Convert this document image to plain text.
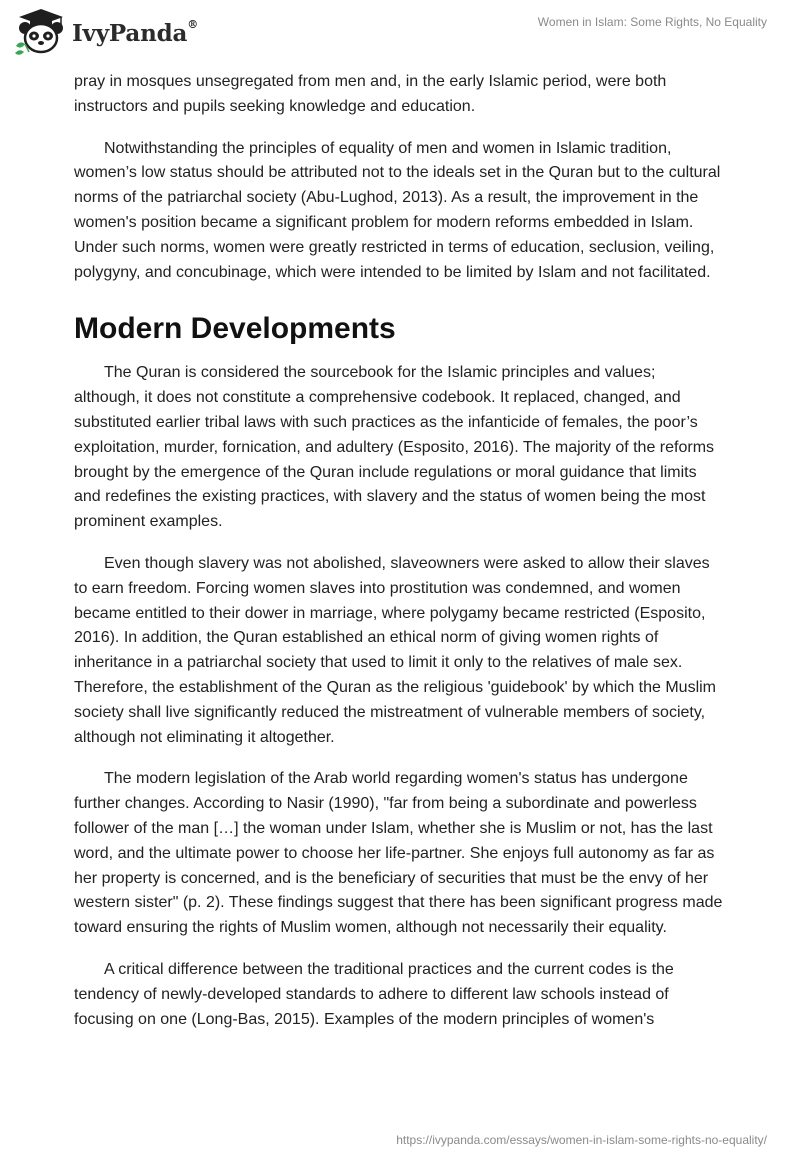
IvyPanda®	Women in Islam: Some Rights, No Equality

pray in mosques unsegregated from men and, in the early Islamic period, were both instructors and pupils seeking knowledge and education.

Notwithstanding the principles of equality of men and women in Islamic tradition, women’s low status should be attributed not to the ideals set in the Quran but to the cultural norms of the patriarchal society (Abu-Lughod, 2013). As a result, the improvement in the women's position became a significant problem for modern reforms embedded in Islam. Under such norms, women were greatly restricted in terms of education, seclusion, veiling, polygyny, and concubinage, which were intended to be limited by Islam and not facilitated.

Modern Developments

The Quran is considered the sourcebook for the Islamic principles and values; although, it does not constitute a comprehensive codebook. It replaced, changed, and substituted earlier tribal laws with such practices as the infanticide of females, the poor’s exploitation, murder, fornication, and adultery (Esposito, 2016). The majority of the reforms brought by the emergence of the Quran include regulations or moral guidance that limits and redefines the existing practices, with slavery and the status of women being the most prominent examples.

Even though slavery was not abolished, slaveowners were asked to allow their slaves to earn freedom. Forcing women slaves into prostitution was condemned, and women became entitled to their dower in marriage, where polygamy became restricted (Esposito, 2016). In addition, the Quran established an ethical norm of giving women rights of inheritance in a patriarchal society that used to limit it only to the relatives of male sex. Therefore, the establishment of the Quran as the religious 'guidebook' by which the Muslim society shall live significantly reduced the mistreatment of vulnerable members of society, although not eliminating it altogether.

The modern legislation of the Arab world regarding women's status has undergone further changes. According to Nasir (1990), "far from being a subordinate and powerless follower of the man […] the woman under Islam, whether she is Muslim or not, has the last word, and the ultimate power to choose her life-partner. She enjoys full autonomy as far as her property is concerned, and is the beneficiary of securities that must be the envy of her western sister" (p. 2). These findings suggest that there has been significant progress made toward ensuring the rights of Muslim women, although not necessarily their equality.

A critical difference between the traditional practices and the current codes is the tendency of newly-developed standards to adhere to different law schools instead of focusing on one (Long-Bas, 2015). Examples of the modern principles of women's

https://ivypanda.com/essays/women-in-islam-some-rights-no-equality/
